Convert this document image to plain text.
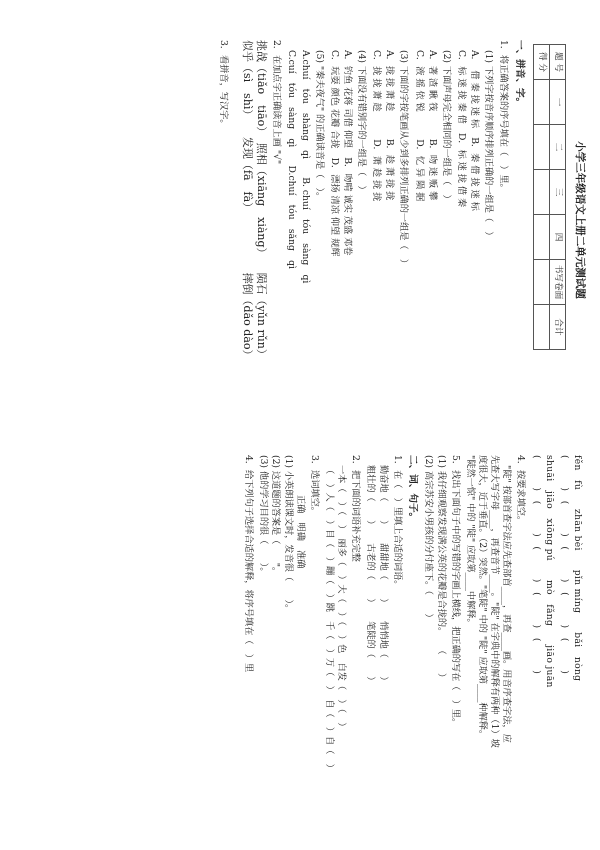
小学三年级语文上册二单元测试题
题 号	一	二	三	四	书写卷面	合计
得 分						
一、拼音、字。
1．将正确答案的序号填在（　）里。
(1) 下列字按音序顺序排列正确的一组是（　）
A．　借 秦 拢 迷 标　B．秦 借 拢 迷 标
C．标 迷 拢 秦 借　D．标 迷 拢 借 秦
(2) 下面声母完全相同的一组是（　）
A．著 渣 瞅 筏　　　B．吻 迷 贩 攀
C．液 摇 依 锐　　　D．忆 异 陨 据
(3) 下面的字按笔画从少到多排列正确的一组是（　）
A．拢 拢 萧 趁　　　B．趁 萧 拢 拢
C．拢 拢 萧 趁　　　D．萧 趁 拢 拢
(4) 下面没有错别字的一组是（　）
A．钓鱼 花蒋 司借 仰望　B．吻啃 诚实 茂盛 邓卷
C．玩耍 颜色 花瓣 合拢　D．漂扬 清凉 仰望 规辉
(5) "秦夫夜气" 的正确读音是（　）。
A.chuí　tóu　shàng　qì　　B. chuí　tóu　sàng　qì
C.cuí　tóu　sàng　qì　　D.chuí　tóu　sǎng　qì
2．在加点字正确读音上画 "√"
挑战（tiǎo　tiāo）　照相（xiāng　xiàng）
似乎（sì　shì）　　发现（fā　fà）
陨石（yǔn rǔn）
摔倒（dǎo dào）
3．看拼音，写汉字。
fěn　fù　　zhān bèi　　pǐn míng　　bǎi　nòng
(　　　)　(　　　)　(　　　)　(　　　)　(　　　)
shuāi　jiāo　xiōng pú　　mò　fǎng　　jiāo juān
(　　　)　(　　　)　(　　　)　(　　　)　(　　　)
4．按要求填空。
"陡" 按部首查字法应先查部首____，再查____画。用音序查字法，应
先查大写字母____，再查音节____。"陡" 在字典中的解释有两种（1）坡
度很大，近于垂直。（2）突然。"笔陡" 中的 "陡" 应取第____种解释。
"陡然一惊" 中的 "陡" 应取第____中解释。
5．找出下面句子中的写错的字画上横线，把正确的写在（　）里。
(1) 我仔细观察发现满公英的花瓣是合拢的。　　（　　）
(2) 高宗苏安小男孩的分付座下。（　　）
二、词、句子。
1．在（　）里填上合适的词语。
勤奋地（　　）　　甜甜地（　　）　　悄悄地（　　）
粗壮的（　　）　　古老的（　　）　　笔陡的（　　）
2．把下面的词语补充完整
一本（　）（　）　丽多（　）大（　）（　）色　白发（　）（　）
（　）人（　）目（　）蹦（　）跳　千（　）万（　）　自（　）自（　）
3．选词填空。
正确　明确　准确
(1) 小英朗读课文时，发音很（　　）。
(2) 这道题的答案是（　　"。
(3) 他的学习目的很（　　）。
4．给下列句子选择合适的解释，将序号填在（　）里
